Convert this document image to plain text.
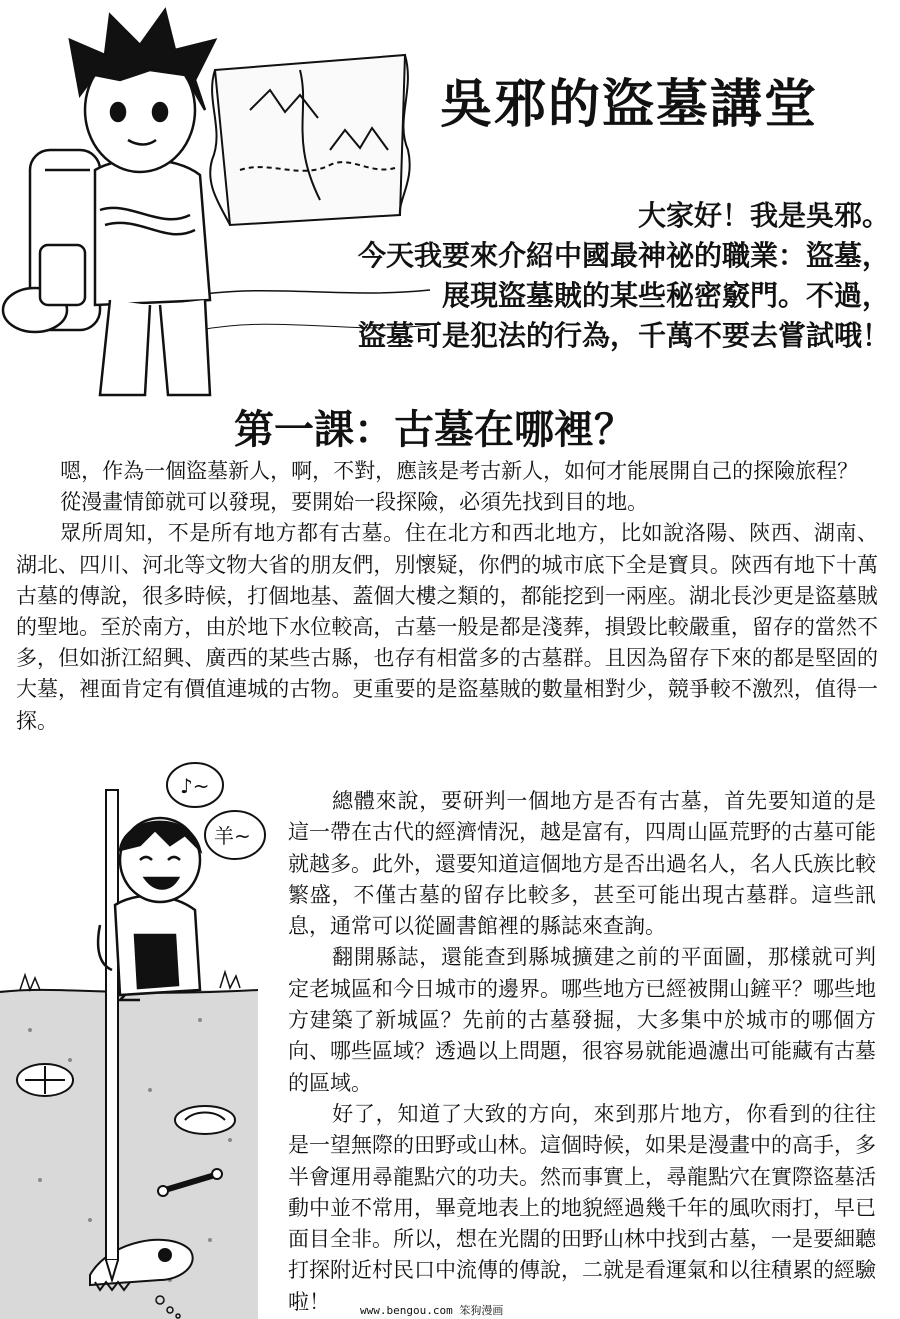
吳邪的盜墓講堂
大家好！我是吳邪。
今天我要來介紹中國最神祕的職業：盜墓，
展現盜墓賊的某些秘密竅門。不過，
盜墓可是犯法的行為，千萬不要去嘗試哦！
第一課：古墓在哪裡？

嗯，作為一個盜墓新人，啊，不對，應該是考古新人，如何才能展開自己的探險旅程？

從漫畫情節就可以發現，要開始一段探險，必須先找到目的地。

眾所周知，不是所有地方都有古墓。住在北方和西北地方，比如說洛陽、陝西、湖南、湖北、四川、河北等文物大省的朋友們，別懷疑，你們的城市底下全是寶貝。陝西有地下十萬古墓的傳說，很多時候，打個地基、蓋個大樓之類的，都能挖到一兩座。湖北長沙更是盜墓賊的聖地。至於南方，由於地下水位較高，古墓一般是都是淺葬，損毀比較嚴重，留存的當然不多，但如浙江紹興、廣西的某些古縣，也存有相當多的古墓群。且因為留存下來的都是堅固的大墓，裡面肯定有價值連城的古物。更重要的是盜墓賊的數量相對少，競爭較不激烈，值得一探。

♪~
羊~

總體來說，要研判一個地方是否有古墓，首先要知道的是這一帶在古代的經濟情況，越是富有，四周山區荒野的古墓可能就越多。此外，還要知道這個地方是否出過名人，名人氏族比較繁盛，不僅古墓的留存比較多，甚至可能出現古墓群。這些訊息，通常可以從圖書館裡的縣誌來查詢。

翻開縣誌，還能查到縣城擴建之前的平面圖，那樣就可判定老城區和今日城市的邊界。哪些地方已經被開山鏟平？哪些地方建築了新城區？先前的古墓發掘，大多集中於城市的哪個方向、哪些區域？透過以上問題，很容易就能過濾出可能藏有古墓的區域。

好了，知道了大致的方向，來到那片地方，你看到的往往是一望無際的田野或山林。這個時候，如果是漫畫中的高手，多半會運用尋龍點穴的功夫。然而事實上，尋龍點穴在實際盜墓活動中並不常用，畢竟地表上的地貌經過幾千年的風吹雨打，早已面目全非。所以，想在光闊的田野山林中找到古墓，一是要細聽打探附近村民口中流傳的傳說，二就是看運氣和以往積累的經驗啦！	www.bengou.com 笨狗漫画
